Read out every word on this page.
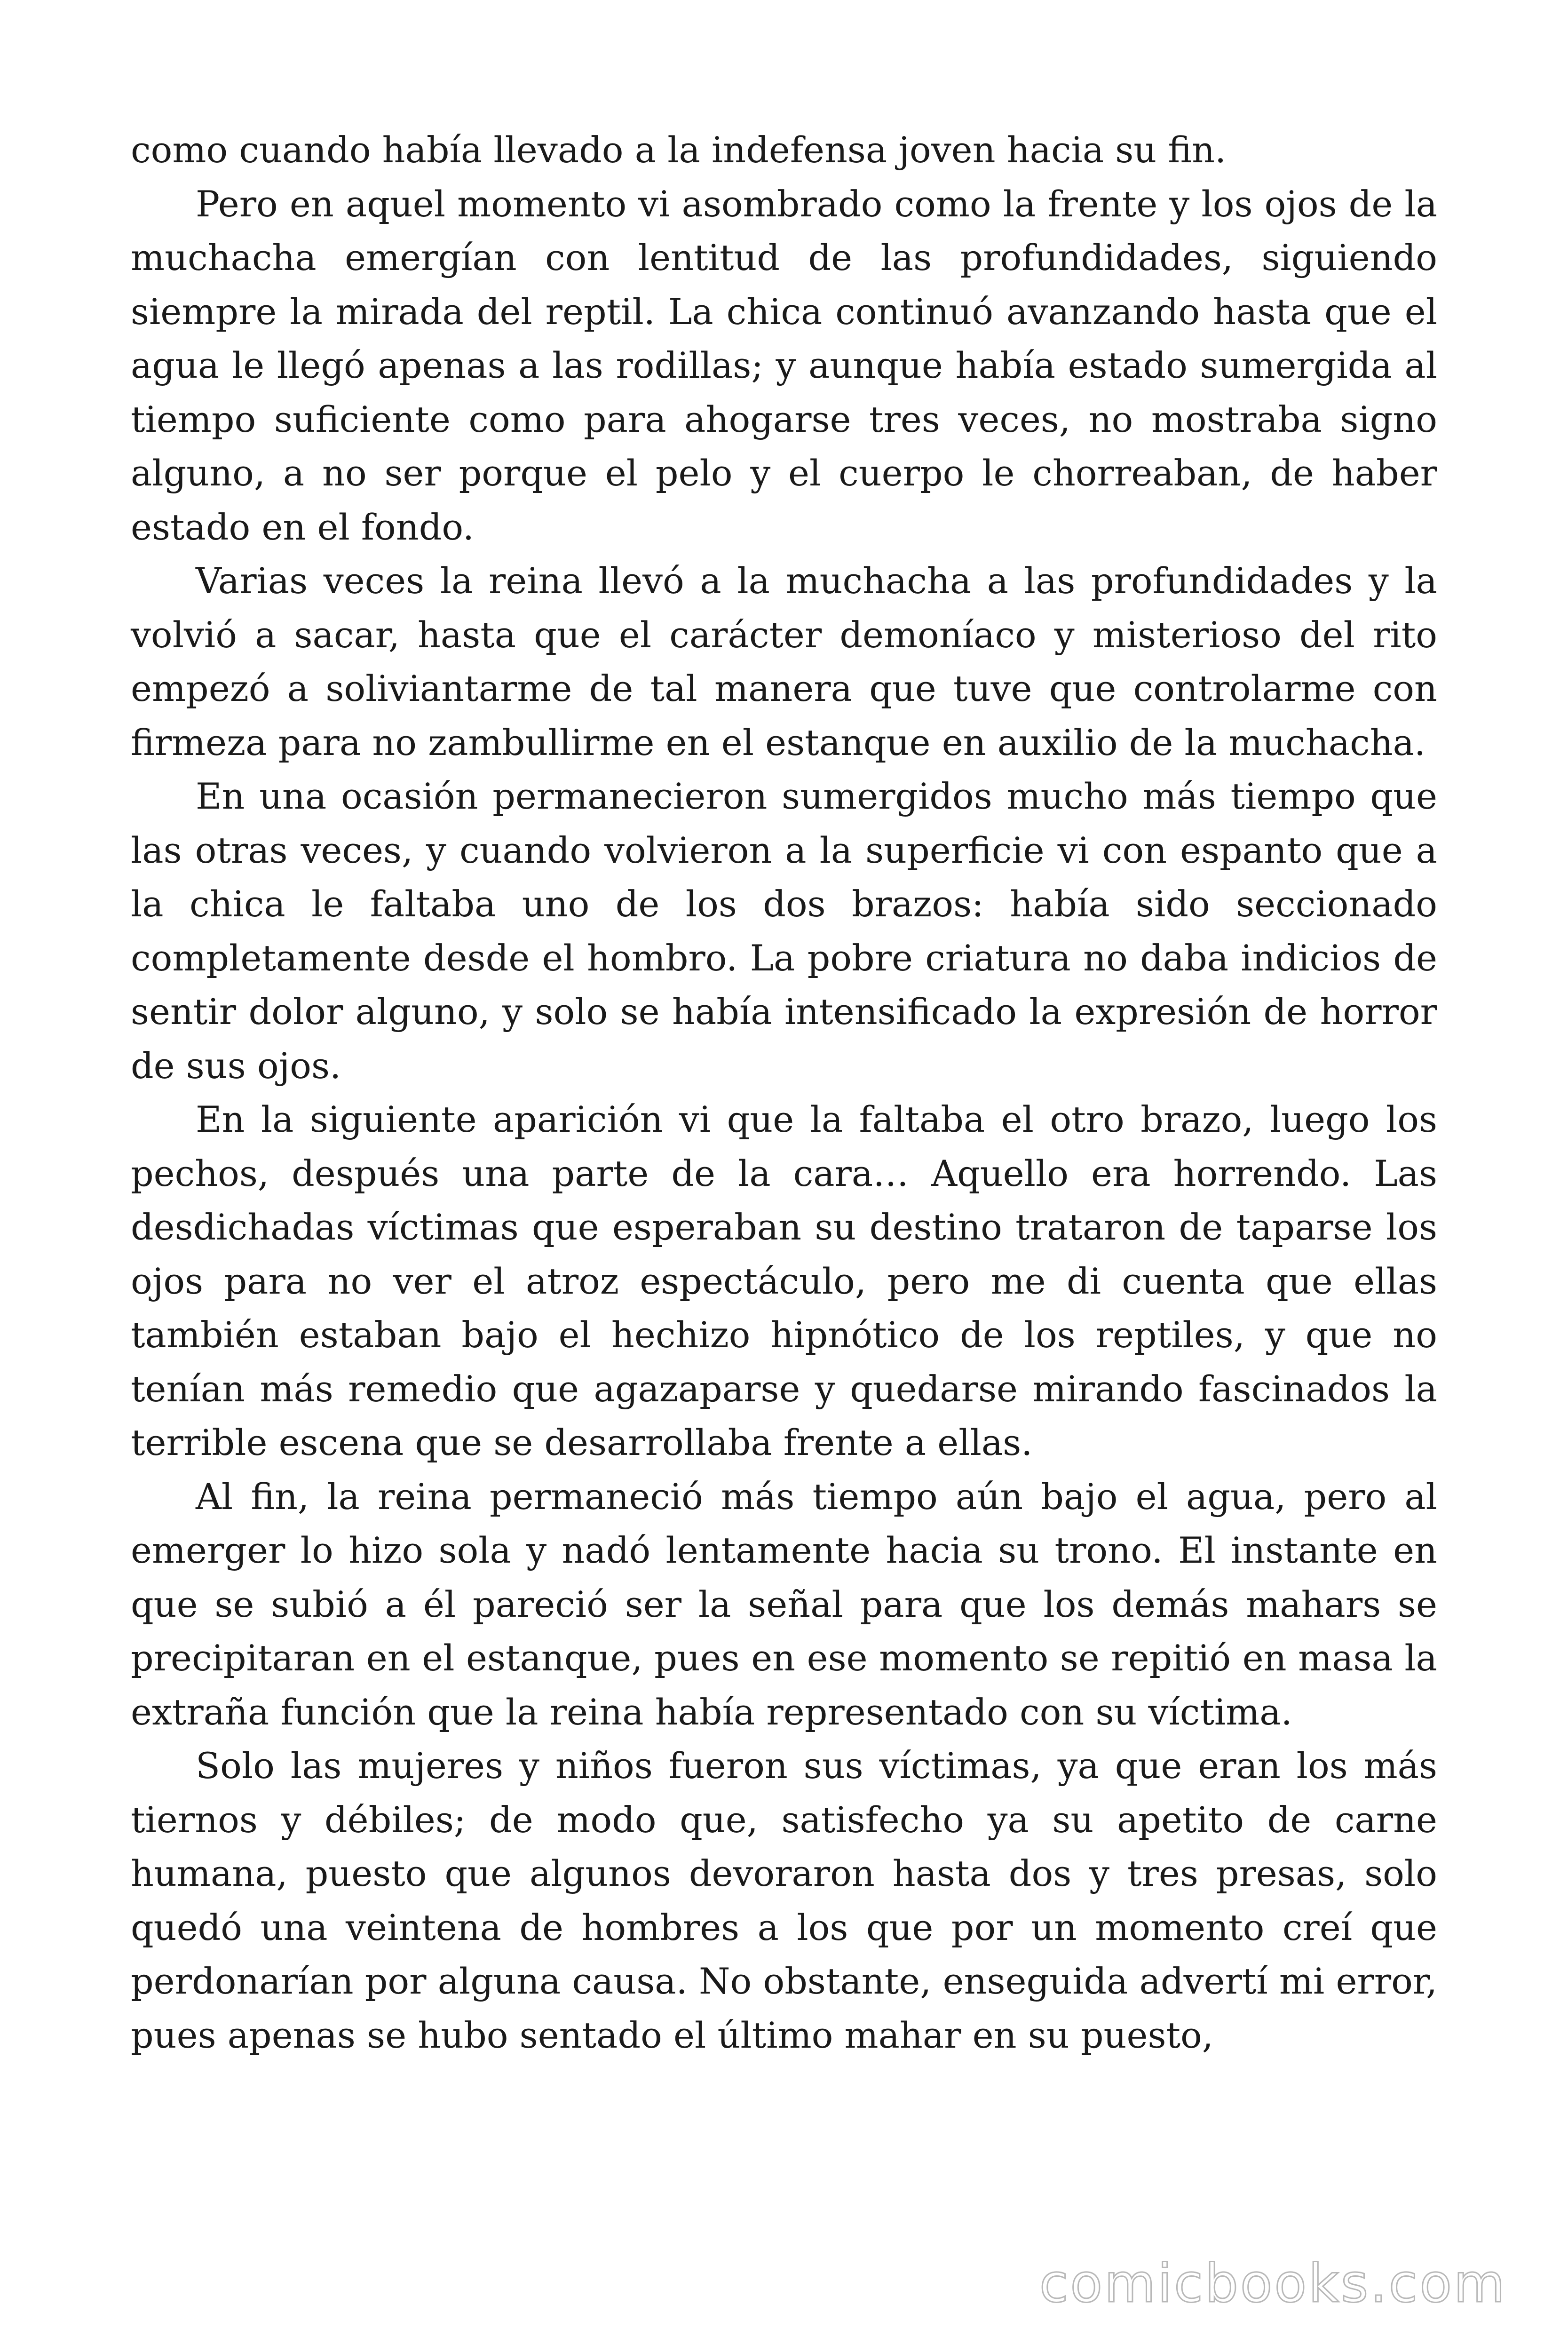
como cuando había llevado a la indefensa joven hacia su fin.

Pero en aquel momento vi asombrado como la frente y los ojos de la muchacha emergían con lentitud de las profundidades, siguiendo siempre la mirada del reptil. La chica continuó avanzando hasta que el agua le llegó apenas a las rodillas; y aunque había estado sumergida al tiempo suficiente como para ahogarse tres veces, no mostraba signo alguno, a no ser porque el pelo y el cuerpo le chorreaban, de haber estado en el fondo.

Varias veces la reina llevó a la muchacha a las profundidades y la volvió a sacar, hasta que el carácter demoníaco y misterioso del rito empezó a soliviantarme de tal manera que tuve que controlarme con firmeza para no zambullirme en el estanque en auxilio de la muchacha.

En una ocasión permanecieron sumergidos mucho más tiempo que las otras veces, y cuando volvieron a la superficie vi con espanto que a la chica le faltaba uno de los dos brazos: había sido seccionado completamente desde el hombro. La pobre criatura no daba indicios de sentir dolor alguno, y solo se había intensificado la expresión de horror de sus ojos.

En la siguiente aparición vi que la faltaba el otro brazo, luego los pechos, después una parte de la cara… Aquello era horrendo. Las desdichadas víctimas que esperaban su destino trataron de taparse los ojos para no ver el atroz espectáculo, pero me di cuenta que ellas también estaban bajo el hechizo hipnótico de los reptiles, y que no tenían más remedio que agazaparse y quedarse mirando fascinados la terrible escena que se desarrollaba frente a ellas.

Al fin, la reina permaneció más tiempo aún bajo el agua, pero al emerger lo hizo sola y nadó lentamente hacia su trono. El instante en que se subió a él pareció ser la señal para que los demás mahars se precipitaran en el estanque, pues en ese momento se repitió en masa la extraña función que la reina había representado con su víctima.

Solo las mujeres y niños fueron sus víctimas, ya que eran los más tiernos y débiles; de modo que, satisfecho ya su apetito de carne humana, puesto que algunos devoraron hasta dos y tres presas, solo quedó una veintena de hombres a los que por un momento creí que perdonarían por alguna causa. No obstante, enseguida advertí mi error, pues apenas se hubo sentado el último mahar en su puesto,

comicbooks.com
